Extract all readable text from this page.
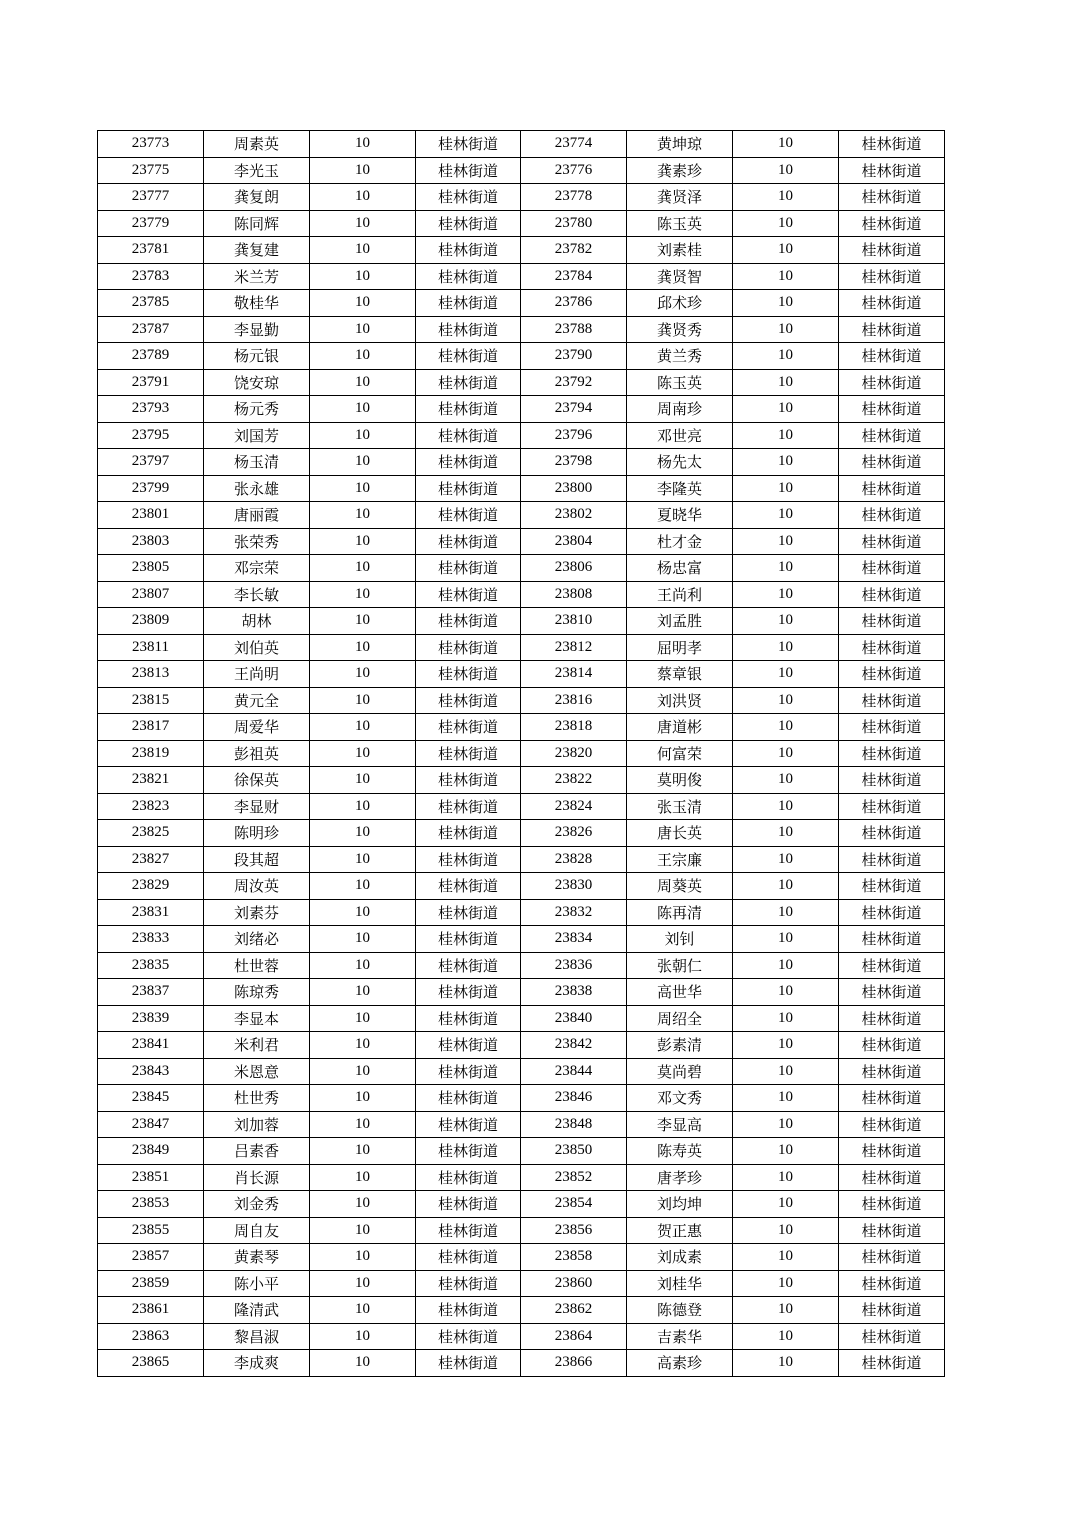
23773	周素英	10	桂林街道	23774	黄坤琼	10	桂林街道
23775	李光玉	10	桂林街道	23776	龚素珍	10	桂林街道
23777	龚复朗	10	桂林街道	23778	龚贤泽	10	桂林街道
23779	陈同辉	10	桂林街道	23780	陈玉英	10	桂林街道
23781	龚复建	10	桂林街道	23782	刘素桂	10	桂林街道
23783	米兰芳	10	桂林街道	23784	龚贤智	10	桂林街道
23785	敬桂华	10	桂林街道	23786	邱术珍	10	桂林街道
23787	李显勤	10	桂林街道	23788	龚贤秀	10	桂林街道
23789	杨元银	10	桂林街道	23790	黄兰秀	10	桂林街道
23791	饶安琼	10	桂林街道	23792	陈玉英	10	桂林街道
23793	杨元秀	10	桂林街道	23794	周南珍	10	桂林街道
23795	刘国芳	10	桂林街道	23796	邓世亮	10	桂林街道
23797	杨玉清	10	桂林街道	23798	杨先太	10	桂林街道
23799	张永雄	10	桂林街道	23800	李隆英	10	桂林街道
23801	唐丽霞	10	桂林街道	23802	夏晓华	10	桂林街道
23803	张荣秀	10	桂林街道	23804	杜才金	10	桂林街道
23805	邓宗荣	10	桂林街道	23806	杨忠富	10	桂林街道
23807	李长敏	10	桂林街道	23808	王尚利	10	桂林街道
23809	胡林	10	桂林街道	23810	刘孟胜	10	桂林街道
23811	刘伯英	10	桂林街道	23812	屈明孝	10	桂林街道
23813	王尚明	10	桂林街道	23814	蔡章银	10	桂林街道
23815	黄元全	10	桂林街道	23816	刘洪贤	10	桂林街道
23817	周爱华	10	桂林街道	23818	唐道彬	10	桂林街道
23819	彭祖英	10	桂林街道	23820	何富荣	10	桂林街道
23821	徐保英	10	桂林街道	23822	莫明俊	10	桂林街道
23823	李显财	10	桂林街道	23824	张玉清	10	桂林街道
23825	陈明珍	10	桂林街道	23826	唐长英	10	桂林街道
23827	段其超	10	桂林街道	23828	王宗廉	10	桂林街道
23829	周汝英	10	桂林街道	23830	周葵英	10	桂林街道
23831	刘素芬	10	桂林街道	23832	陈再清	10	桂林街道
23833	刘绪必	10	桂林街道	23834	刘钊	10	桂林街道
23835	杜世蓉	10	桂林街道	23836	张朝仁	10	桂林街道
23837	陈琼秀	10	桂林街道	23838	高世华	10	桂林街道
23839	李显本	10	桂林街道	23840	周绍全	10	桂林街道
23841	米利君	10	桂林街道	23842	彭素清	10	桂林街道
23843	米恩意	10	桂林街道	23844	莫尚碧	10	桂林街道
23845	杜世秀	10	桂林街道	23846	邓文秀	10	桂林街道
23847	刘加蓉	10	桂林街道	23848	李显高	10	桂林街道
23849	吕素香	10	桂林街道	23850	陈寿英	10	桂林街道
23851	肖长源	10	桂林街道	23852	唐孝珍	10	桂林街道
23853	刘金秀	10	桂林街道	23854	刘均坤	10	桂林街道
23855	周自友	10	桂林街道	23856	贺正惠	10	桂林街道
23857	黄素琴	10	桂林街道	23858	刘成素	10	桂林街道
23859	陈小平	10	桂林街道	23860	刘桂华	10	桂林街道
23861	隆清武	10	桂林街道	23862	陈德登	10	桂林街道
23863	黎昌淑	10	桂林街道	23864	吉素华	10	桂林街道
23865	李成爽	10	桂林街道	23866	高素珍	10	桂林街道
